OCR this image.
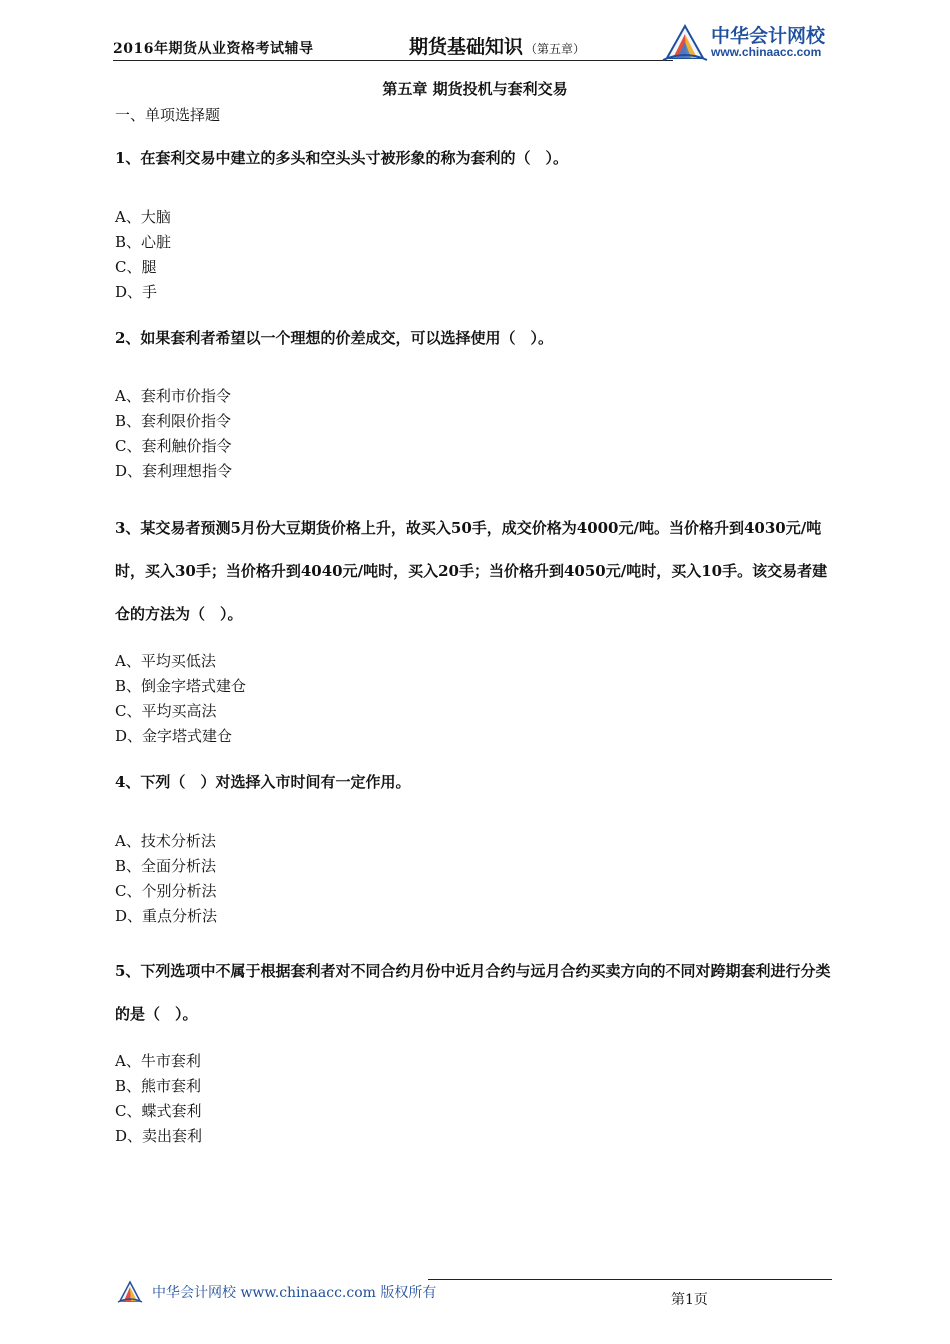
2016年期货从业资格考试辅导	期货基础知识 （第五章）
中华会计网校
www.chinaacc.com
第五章 期货投机与套利交易
一、单项选择题
1、在套利交易中建立的多头和空头头寸被形象的称为套利的（　）。
A、大脑
B、心脏
C、腿
D、手
2、如果套利者希望以一个理想的价差成交，可以选择使用（　）。
A、套利市价指令
B、套利限价指令
C、套利触价指令
D、套利理想指令
3、某交易者预测5月份大豆期货价格上升，故买入50手，成交价格为4000元/吨。当价格升到4030元/吨时，买入30手；当价格升到4040元/吨时，买入20手；当价格升到4050元/吨时，买入10手。该交易者建仓的方法为（　）。
A、平均买低法
B、倒金字塔式建仓
C、平均买高法
D、金字塔式建仓
4、下列（　）对选择入市时间有一定作用。
A、技术分析法
B、全面分析法
C、个别分析法
D、重点分析法
5、下列选项中不属于根据套利者对不同合约月份中近月合约与远月合约买卖方向的不同对跨期套利进行分类的是（　）。
A、牛市套利
B、熊市套利
C、蝶式套利
D、卖出套利
中华会计网校 www.chinaacc.com 版权所有	第1页
